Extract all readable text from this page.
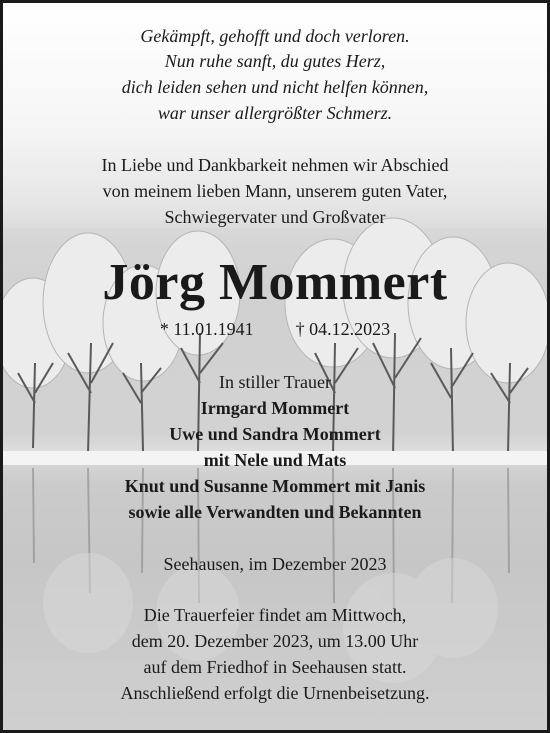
Gekämpft, gehofft und doch verloren.

Nun ruhe sanft, du gutes Herz,

dich leiden sehen und nicht helfen können,

war unser allergrößter Schmerz.

In Liebe und Dankbarkeit nehmen wir Abschied

von meinem lieben Mann, unserem guten Vater,

Schwiegervater und Großvater

Jörg Mommert
* 11.01.1941 † 04.12.2023

In stiller Trauer

Irmgard Mommert

Uwe und Sandra Mommert

mit Nele und Mats

Knut und Susanne Mommert mit Janis

sowie alle Verwandten und Bekannten

Seehausen, im Dezember 2023

Die Trauerfeier findet am Mittwoch,

dem 20. Dezember 2023, um 13.00 Uhr

auf dem Friedhof in Seehausen statt.

Anschließend erfolgt die Urnenbeisetzung.
